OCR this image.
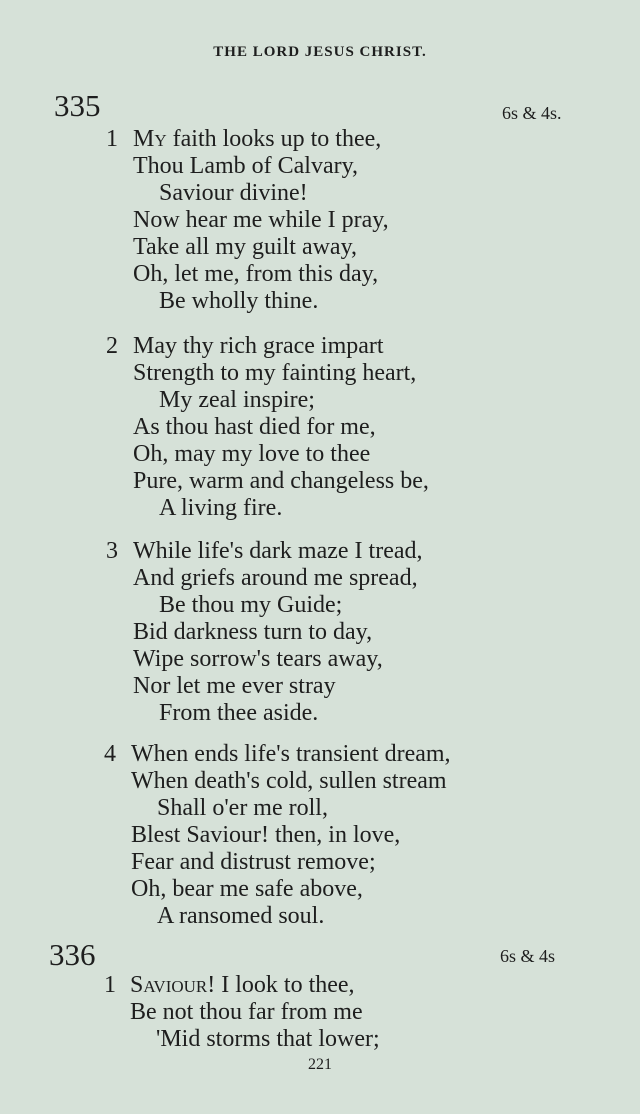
THE LORD JESUS CHRIST.
335	6s & 4s.
1 My faith looks up to thee,
Thou Lamb of Calvary,
Saviour divine!
Now hear me while I pray,
Take all my guilt away,
Oh, let me, from this day,
Be wholly thine.
2 May thy rich grace impart
Strength to my fainting heart,
My zeal inspire;
As thou hast died for me,
Oh, may my love to thee
Pure, warm and changeless be,
A living fire.
3 While life's dark maze I tread,
And griefs around me spread,
Be thou my Guide;
Bid darkness turn to day,
Wipe sorrow's tears away,
Nor let me ever stray
From thee aside.
4 When ends life's transient dream,
When death's cold, sullen stream
Shall o'er me roll,
Blest Saviour! then, in love,
Fear and distrust remove;
Oh, bear me safe above,
A ransomed soul.
336	6s & 4s
1 Saviour! I look to thee,
Be not thou far from me
'Mid storms that lower;
221
